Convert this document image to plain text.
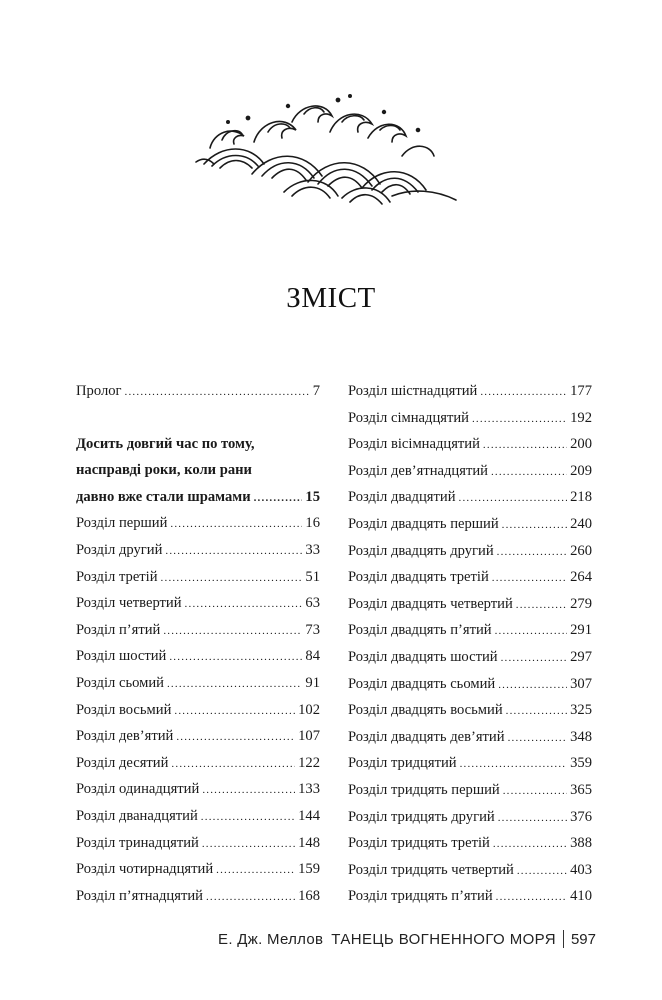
ЗМІСТ
Пролог .....	7
Досить довгий час по тому,
насправді роки, коли рани
давно вже стали шрамами .....	15
Розділ перший .....	16
Розділ другий .....	33
Розділ третій .....	51
Розділ четвертий .....	63
Розділ п’ятий .....	73
Розділ шостий .....	84
Розділ сьомий .....	91
Розділ восьмий .....	102
Розділ дев’ятий .....	107
Розділ десятий .....	122
Розділ одинадцятий .....	133
Розділ дванадцятий .....	144
Розділ тринадцятий .....	148
Розділ чотирнадцятий .....	159
Розділ п’ятнадцятий .....	168
Розділ шістнадцятий .....	177
Розділ сімнадцятий .....	192
Розділ вісімнадцятий .....	200
Розділ дев’ятнадцятий .....	209
Розділ двадцятий .....	218
Розділ двадцять перший .....	240
Розділ двадцять другий .....	260
Розділ двадцять третій .....	264
Розділ двадцять четвертий .....	279
Розділ двадцять п’ятий .....	291
Розділ двадцять шостий .....	297
Розділ двадцять сьомий .....	307
Розділ двадцять восьмий .....	325
Розділ двадцять дев’ятий .....	348
Розділ тридцятий .....	359
Розділ тридцять перший .....	365
Розділ тридцять другий .....	376
Розділ тридцять третій .....	388
Розділ тридцять четвертий .....	403
Розділ тридцять п’ятий .....	410
Е. Дж. Меллов ТАНЕЦЬ ВОГНЕННОГО МОРЯ 597
